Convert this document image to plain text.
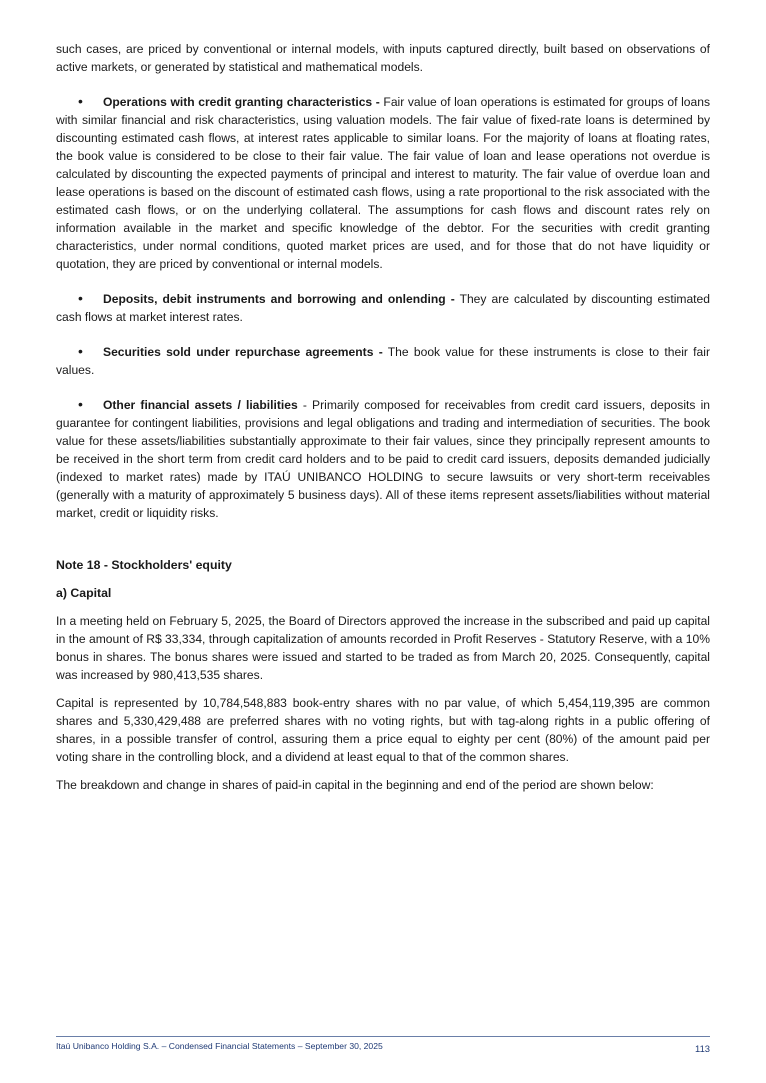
such cases, are priced by conventional or internal models, with inputs captured directly, built based on observations of active markets, or generated by statistical and mathematical models.

• Operations with credit granting characteristics - Fair value of loan operations is estimated for groups of loans with similar financial and risk characteristics, using valuation models. The fair value of fixed-rate loans is determined by discounting estimated cash flows, at interest rates applicable to similar loans. For the majority of loans at floating rates, the book value is considered to be close to their fair value. The fair value of loan and lease operations not overdue is calculated by discounting the expected payments of principal and interest to maturity. The fair value of overdue loan and lease operations is based on the discount of estimated cash flows, using a rate proportional to the risk associated with the estimated cash flows, or on the underlying collateral. The assumptions for cash flows and discount rates rely on information available in the market and specific knowledge of the debtor. For the securities with credit granting characteristics, under normal conditions, quoted market prices are used, and for those that do not have liquidity or quotation, they are priced by conventional or internal models.

• Deposits, debit instruments and borrowing and onlending - They are calculated by discounting estimated cash flows at market interest rates.

• Securities sold under repurchase agreements - The book value for these instruments is close to their fair values.

• Other financial assets / liabilities - Primarily composed for receivables from credit card issuers, deposits in guarantee for contingent liabilities, provisions and legal obligations and trading and intermediation of securities. The book value for these assets/liabilities substantially approximate to their fair values, since they principally represent amounts to be received in the short term from credit card holders and to be paid to credit card issuers, deposits demanded judicially (indexed to market rates) made by ITAÚ UNIBANCO HOLDING to secure lawsuits or very short-term receivables (generally with a maturity of approximately 5 business days). All of these items represent assets/liabilities without material market, credit or liquidity risks.

Note 18 - Stockholders' equity

a) Capital

In a meeting held on February 5, 2025, the Board of Directors approved the increase in the subscribed and paid up capital in the amount of R$ 33,334, through capitalization of amounts recorded in Profit Reserves - Statutory Reserve, with a 10% bonus in shares. The bonus shares were issued and started to be traded as from March 20, 2025. Consequently, capital was increased by 980,413,535 shares.

Capital is represented by 10,784,548,883 book-entry shares with no par value, of which 5,454,119,395 are common shares and 5,330,429,488 are preferred shares with no voting rights, but with tag-along rights in a public offering of shares, in a possible transfer of control, assuring them a price equal to eighty per cent (80%) of the amount paid per voting share in the controlling block, and a dividend at least equal to that of the common shares.

The breakdown and change in shares of paid-in capital in the beginning and end of the period are shown below:

Itaú Unibanco Holding S.A. – Condensed Financial Statements – September 30, 2025	113
